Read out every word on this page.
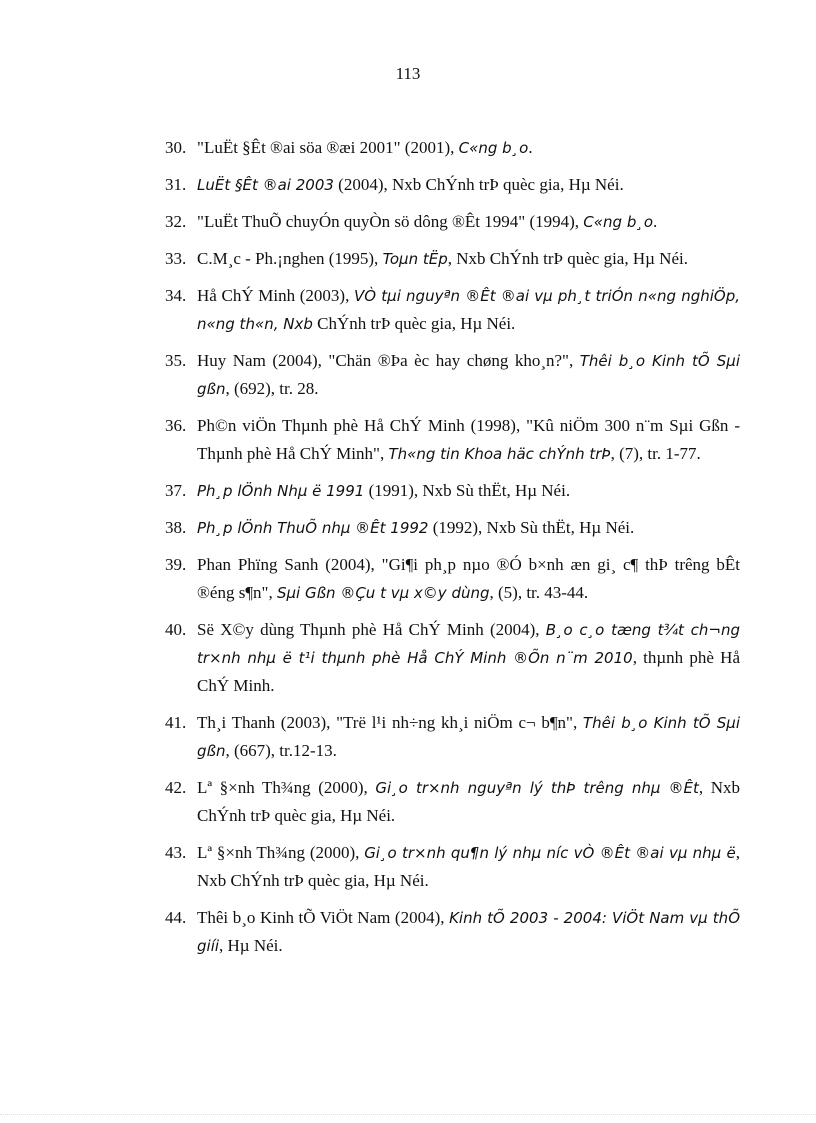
113
30. "LuËt §Êt ®ai söa ®æi 2001" (2001), C«ng b¸o.
31. LuËt §Êt ®ai 2003 (2004), Nxb ChÝnh trÞ quèc gia, Hµ Néi.
32. "LuËt ThuÕ chuyÓn quyÒn sö dông ®Êt 1994" (1994), C«ng b¸o.
33. C.M¸c - Ph.¡nghen (1995), Toµn tËp, Nxb ChÝnh trÞ quèc gia, Hµ Néi.
34. Hå ChÝ Minh (2003), VÒ tµi nguyªn ®Êt ®ai vµ ph¸t triÓn n«ng nghiÖp, n«ng th«n, Nxb ChÝnh trÞ quèc gia, Hµ Néi.
35. Huy Nam (2004), "Chän ®Þa èc hay chøng kho¸n?", Thêi b¸o Kinh tÕ Sµi gßn, (692), tr. 28.
36. Ph©n viÖn Thµnh phè Hå ChÝ Minh (1998), "Kû niÖm 300 n¨m Sµi Gßn - Thµnh phè Hå ChÝ Minh", Th«ng tin Khoa häc chÝnh trÞ, (7), tr. 1-77.
37. Ph¸p lÖnh Nhµ ë 1991 (1991), Nxb Sù thËt, Hµ Néi.
38. Ph¸p lÖnh ThuÕ nhµ ®Êt 1992 (1992), Nxb Sù thËt, Hµ Néi.
39. Phan Phïng Sanh (2004), "Gi¶i ph¸p nµo ®Ó b×nh æn gi¸ c¶ thÞ trêng bÊt ®éng s¶n", Sµi Gßn ®Çu t vµ x©y dùng, (5), tr. 43-44.
40. Së X©y dùng Thµnh phè Hå ChÝ Minh (2004), B¸o c¸o tæng t¾t ch¬ng tr×nh nhµ ë t¹i thµnh phè Hå ChÝ Minh ®Õn n¨m 2010, thµnh phè Hå ChÝ Minh.
41. Th¸i Thanh (2003), "Trë l¹i nh÷ng kh¸i niÖm c¬ b¶n", Thêi b¸o Kinh tÕ Sµi gßn, (667), tr.12-13.
42. Lª §×nh Th¾ng (2000), Gi¸o tr×nh nguyªn lý thÞ trêng nhµ ®Êt, Nxb ChÝnh trÞ quèc gia, Hµ Néi.
43. Lª §×nh Th¾ng (2000), Gi¸o tr×nh qu¶n lý nhµ níc vÒ ®Êt ®ai vµ nhµ ë, Nxb ChÝnh trÞ quèc gia, Hµ Néi.
44. Thêi b¸o Kinh tÕ ViÖt Nam (2004), Kinh tÕ 2003 - 2004: ViÖt Nam vµ thÕ giíi, Hµ Néi.
